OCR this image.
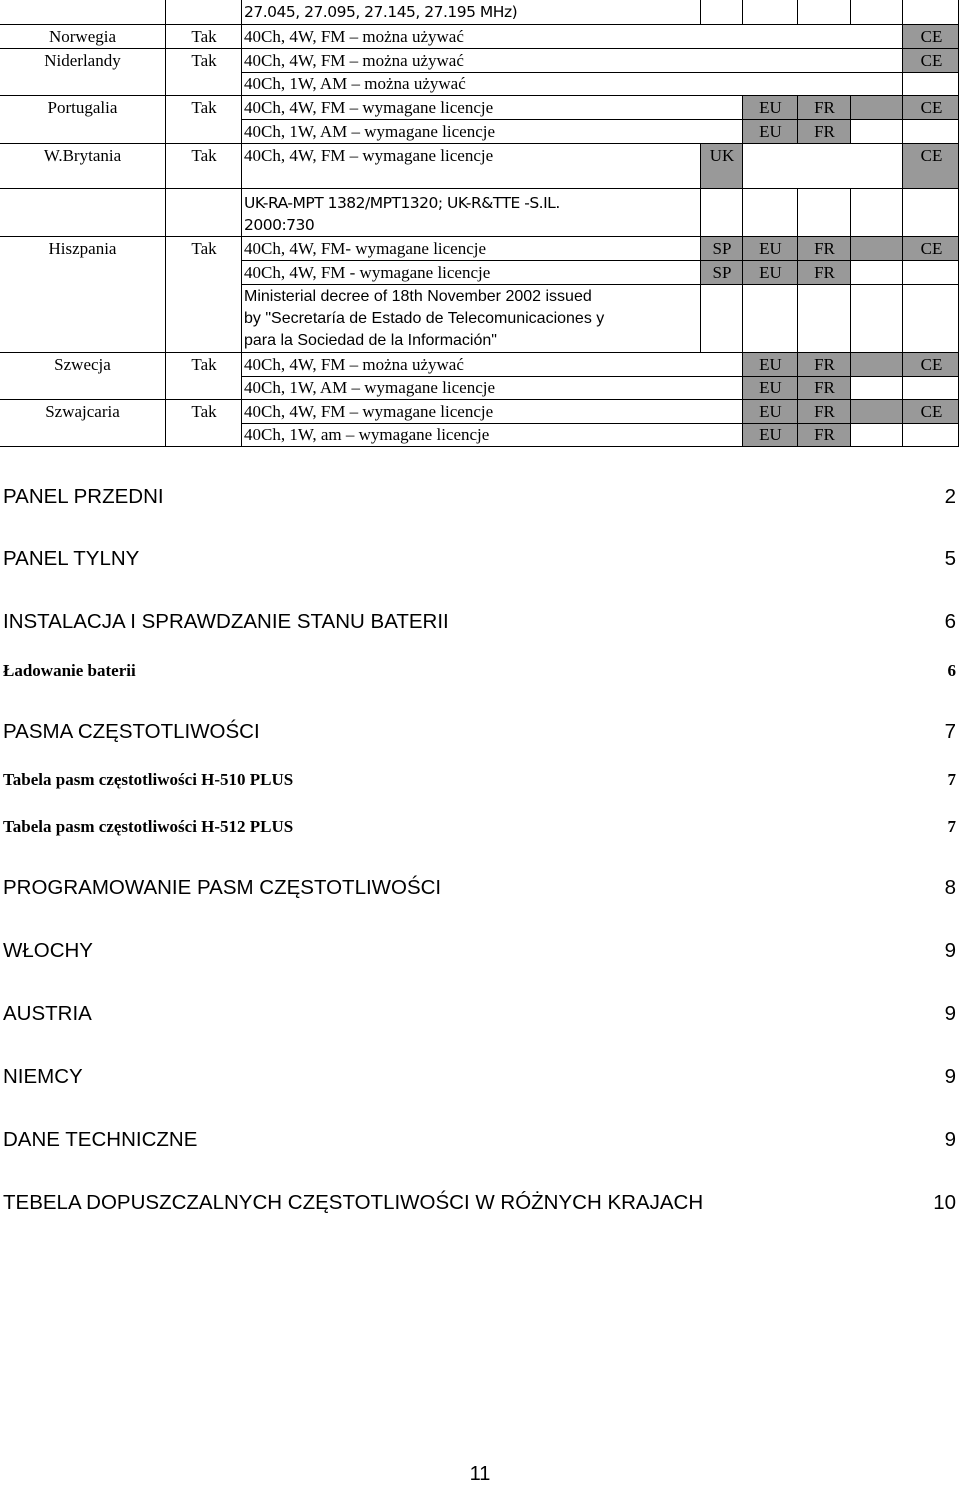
27.045, 27.095, 27.145, 27.195 MHz)
Norwegia	Tak	40Ch, 4W, FM – można używać	CE
Niderlandy	Tak	40Ch, 4W, FM – można używać	CE
40Ch, 1W, AM – można używać
Portugalia	Tak	40Ch, 4W, FM – wymagane licencje	EU	FR	CE
40Ch, 1W, AM – wymagane licencje	EU	FR
W.Brytania	Tak	40Ch, 4W, FM – wymagane licencje	UK	CE
UK-RA-MPT 1382/MPT1320; UK-R&TTE -S.IL.
2000:730
Hiszpania	Tak	40Ch, 4W, FM- wymagane licencje	SP	EU	FR	CE
40Ch, 4W, FM - wymagane licencje	SP	EU	FR
Ministerial decree of 18th November 2002 issued
by "Secretaría de Estado de Telecomunicaciones y
para la Sociedad de la Información"
Szwecja	Tak	40Ch, 4W, FM – można używać	EU	FR	CE
40Ch, 1W, AM – wymagane licencje	EU	FR
Szwajcaria	Tak	40Ch, 4W, FM – wymagane licencje	EU	FR	CE
40Ch, 1W, am – wymagane licencje	EU	FR
PANEL PRZEDNI	2
PANEL TYLNY	5
INSTALACJA I SPRAWDZANIE STANU BATERII	6
Ładowanie baterii	6
PASMA CZĘSTOTLIWOŚCI	7
Tabela pasm częstotliwości H-510 PLUS	7
Tabela pasm częstotliwości H-512 PLUS	7
PROGRAMOWANIE PASM CZĘSTOTLIWOŚCI	8
WŁOCHY	9
AUSTRIA	9
NIEMCY	9
DANE TECHNICZNE	9
TEBELA DOPUSZCZALNYCH CZĘSTOTLIWOŚCI W RÓŻNYCH KRAJACH	10
11
